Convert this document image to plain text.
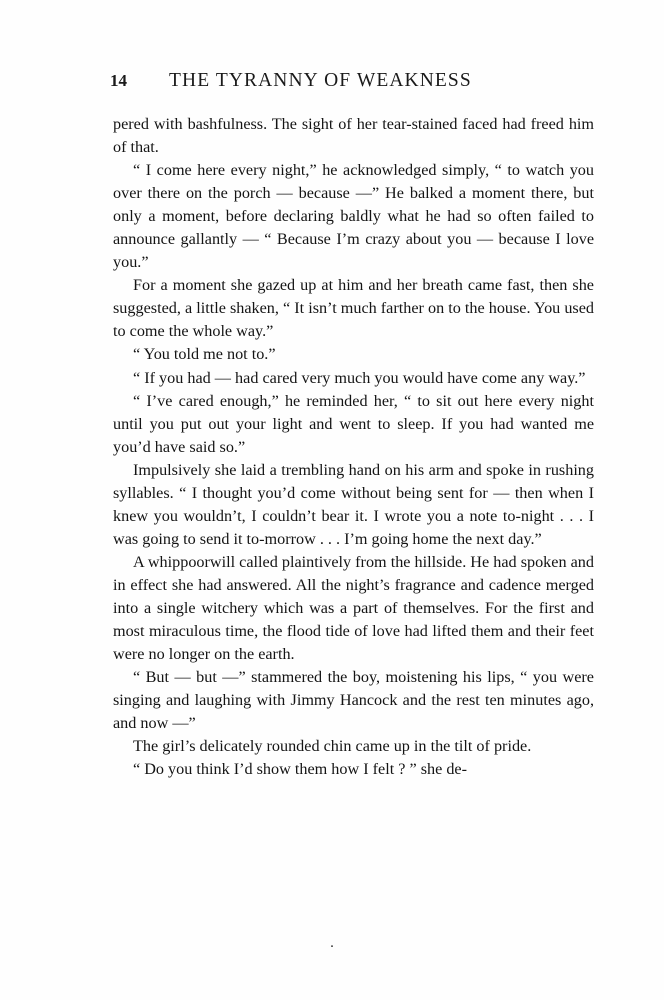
14 THE TYRANNY OF WEAKNESS

pered with bashfulness. The sight of her tear-stained faced had freed him of that.

“ I come here every night,” he acknowledged simply, “ to watch you over there on the porch — because —” He balked a moment there, but only a moment, before declaring baldly what he had so often failed to announce gallantly — “ Because I’m crazy about you — because I love you.”

For a moment she gazed up at him and her breath came fast, then she suggested, a little shaken, “ It isn’t much farther on to the house. You used to come the whole way.”

“ You told me not to.”

“ If you had — had cared very much you would have come any way.”

“ I’ve cared enough,” he reminded her, “ to sit out here every night until you put out your light and went to sleep. If you had wanted me you’d have said so.”

Impulsively she laid a trembling hand on his arm and spoke in rushing syllables. “ I thought you’d come without being sent for — then when I knew you wouldn’t, I couldn’t bear it. I wrote you a note to-night . . . I was going to send it to-morrow . . . I’m going home the next day.”

A whippoorwill called plaintively from the hillside. He had spoken and in effect she had answered. All the night’s fragrance and cadence merged into a single witchery which was a part of themselves. For the first and most miraculous time, the flood tide of love had lifted them and their feet were no longer on the earth.

“ But — but —” stammered the boy, moistening his lips, “ you were singing and laughing with Jimmy Hancock and the rest ten minutes ago, and now —”

The girl’s delicately rounded chin came up in the tilt of pride.

“ Do you think I’d show them how I felt ? ” she de-

.
